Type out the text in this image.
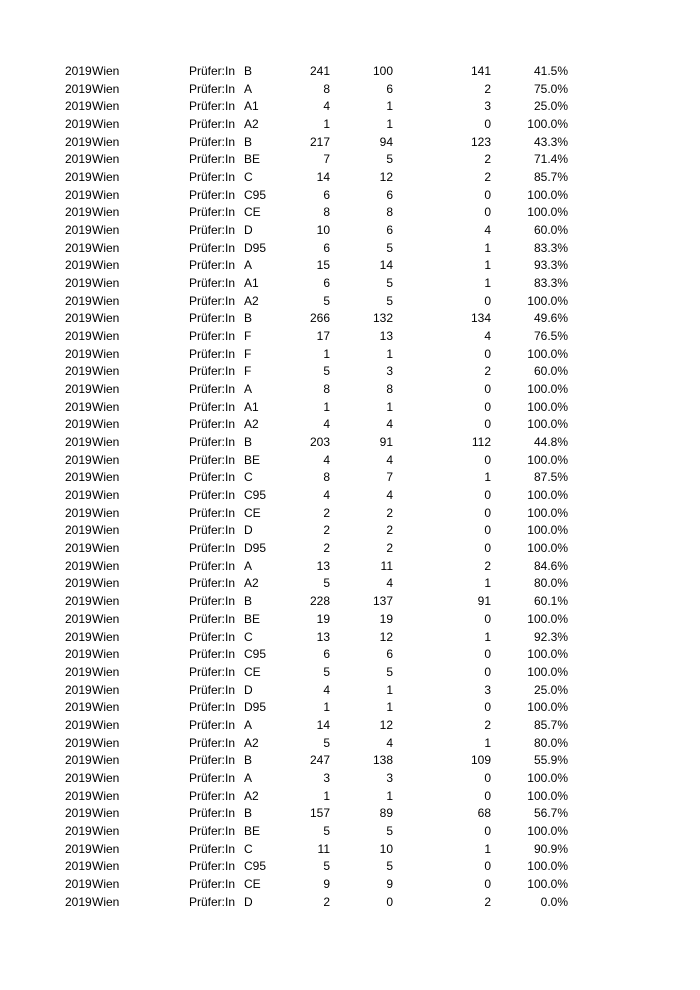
2019 Wien	Prüfer:In B	241	100	141	41.5%
2019 Wien	Prüfer:In A	8	6	2	75.0%
2019 Wien	Prüfer:In A1	4	1	3	25.0%
2019 Wien	Prüfer:In A2	1	1	0	100.0%
2019 Wien	Prüfer:In B	217	94	123	43.3%
2019 Wien	Prüfer:In BE	7	5	2	71.4%
2019 Wien	Prüfer:In C	14	12	2	85.7%
2019 Wien	Prüfer:In C95	6	6	0	100.0%
2019 Wien	Prüfer:In CE	8	8	0	100.0%
2019 Wien	Prüfer:In D	10	6	4	60.0%
2019 Wien	Prüfer:In D95	6	5	1	83.3%
2019 Wien	Prüfer:In A	15	14	1	93.3%
2019 Wien	Prüfer:In A1	6	5	1	83.3%
2019 Wien	Prüfer:In A2	5	5	0	100.0%
2019 Wien	Prüfer:In B	266	132	134	49.6%
2019 Wien	Prüfer:In F	17	13	4	76.5%
2019 Wien	Prüfer:In F	1	1	0	100.0%
2019 Wien	Prüfer:In F	5	3	2	60.0%
2019 Wien	Prüfer:In A	8	8	0	100.0%
2019 Wien	Prüfer:In A1	1	1	0	100.0%
2019 Wien	Prüfer:In A2	4	4	0	100.0%
2019 Wien	Prüfer:In B	203	91	112	44.8%
2019 Wien	Prüfer:In BE	4	4	0	100.0%
2019 Wien	Prüfer:In C	8	7	1	87.5%
2019 Wien	Prüfer:In C95	4	4	0	100.0%
2019 Wien	Prüfer:In CE	2	2	0	100.0%
2019 Wien	Prüfer:In D	2	2	0	100.0%
2019 Wien	Prüfer:In D95	2	2	0	100.0%
2019 Wien	Prüfer:In A	13	11	2	84.6%
2019 Wien	Prüfer:In A2	5	4	1	80.0%
2019 Wien	Prüfer:In B	228	137	91	60.1%
2019 Wien	Prüfer:In BE	19	19	0	100.0%
2019 Wien	Prüfer:In C	13	12	1	92.3%
2019 Wien	Prüfer:In C95	6	6	0	100.0%
2019 Wien	Prüfer:In CE	5	5	0	100.0%
2019 Wien	Prüfer:In D	4	1	3	25.0%
2019 Wien	Prüfer:In D95	1	1	0	100.0%
2019 Wien	Prüfer:In A	14	12	2	85.7%
2019 Wien	Prüfer:In A2	5	4	1	80.0%
2019 Wien	Prüfer:In B	247	138	109	55.9%
2019 Wien	Prüfer:In A	3	3	0	100.0%
2019 Wien	Prüfer:In A2	1	1	0	100.0%
2019 Wien	Prüfer:In B	157	89	68	56.7%
2019 Wien	Prüfer:In BE	5	5	0	100.0%
2019 Wien	Prüfer:In C	11	10	1	90.9%
2019 Wien	Prüfer:In C95	5	5	0	100.0%
2019 Wien	Prüfer:In CE	9	9	0	100.0%
2019 Wien	Prüfer:In D	2	0	2	0.0%
